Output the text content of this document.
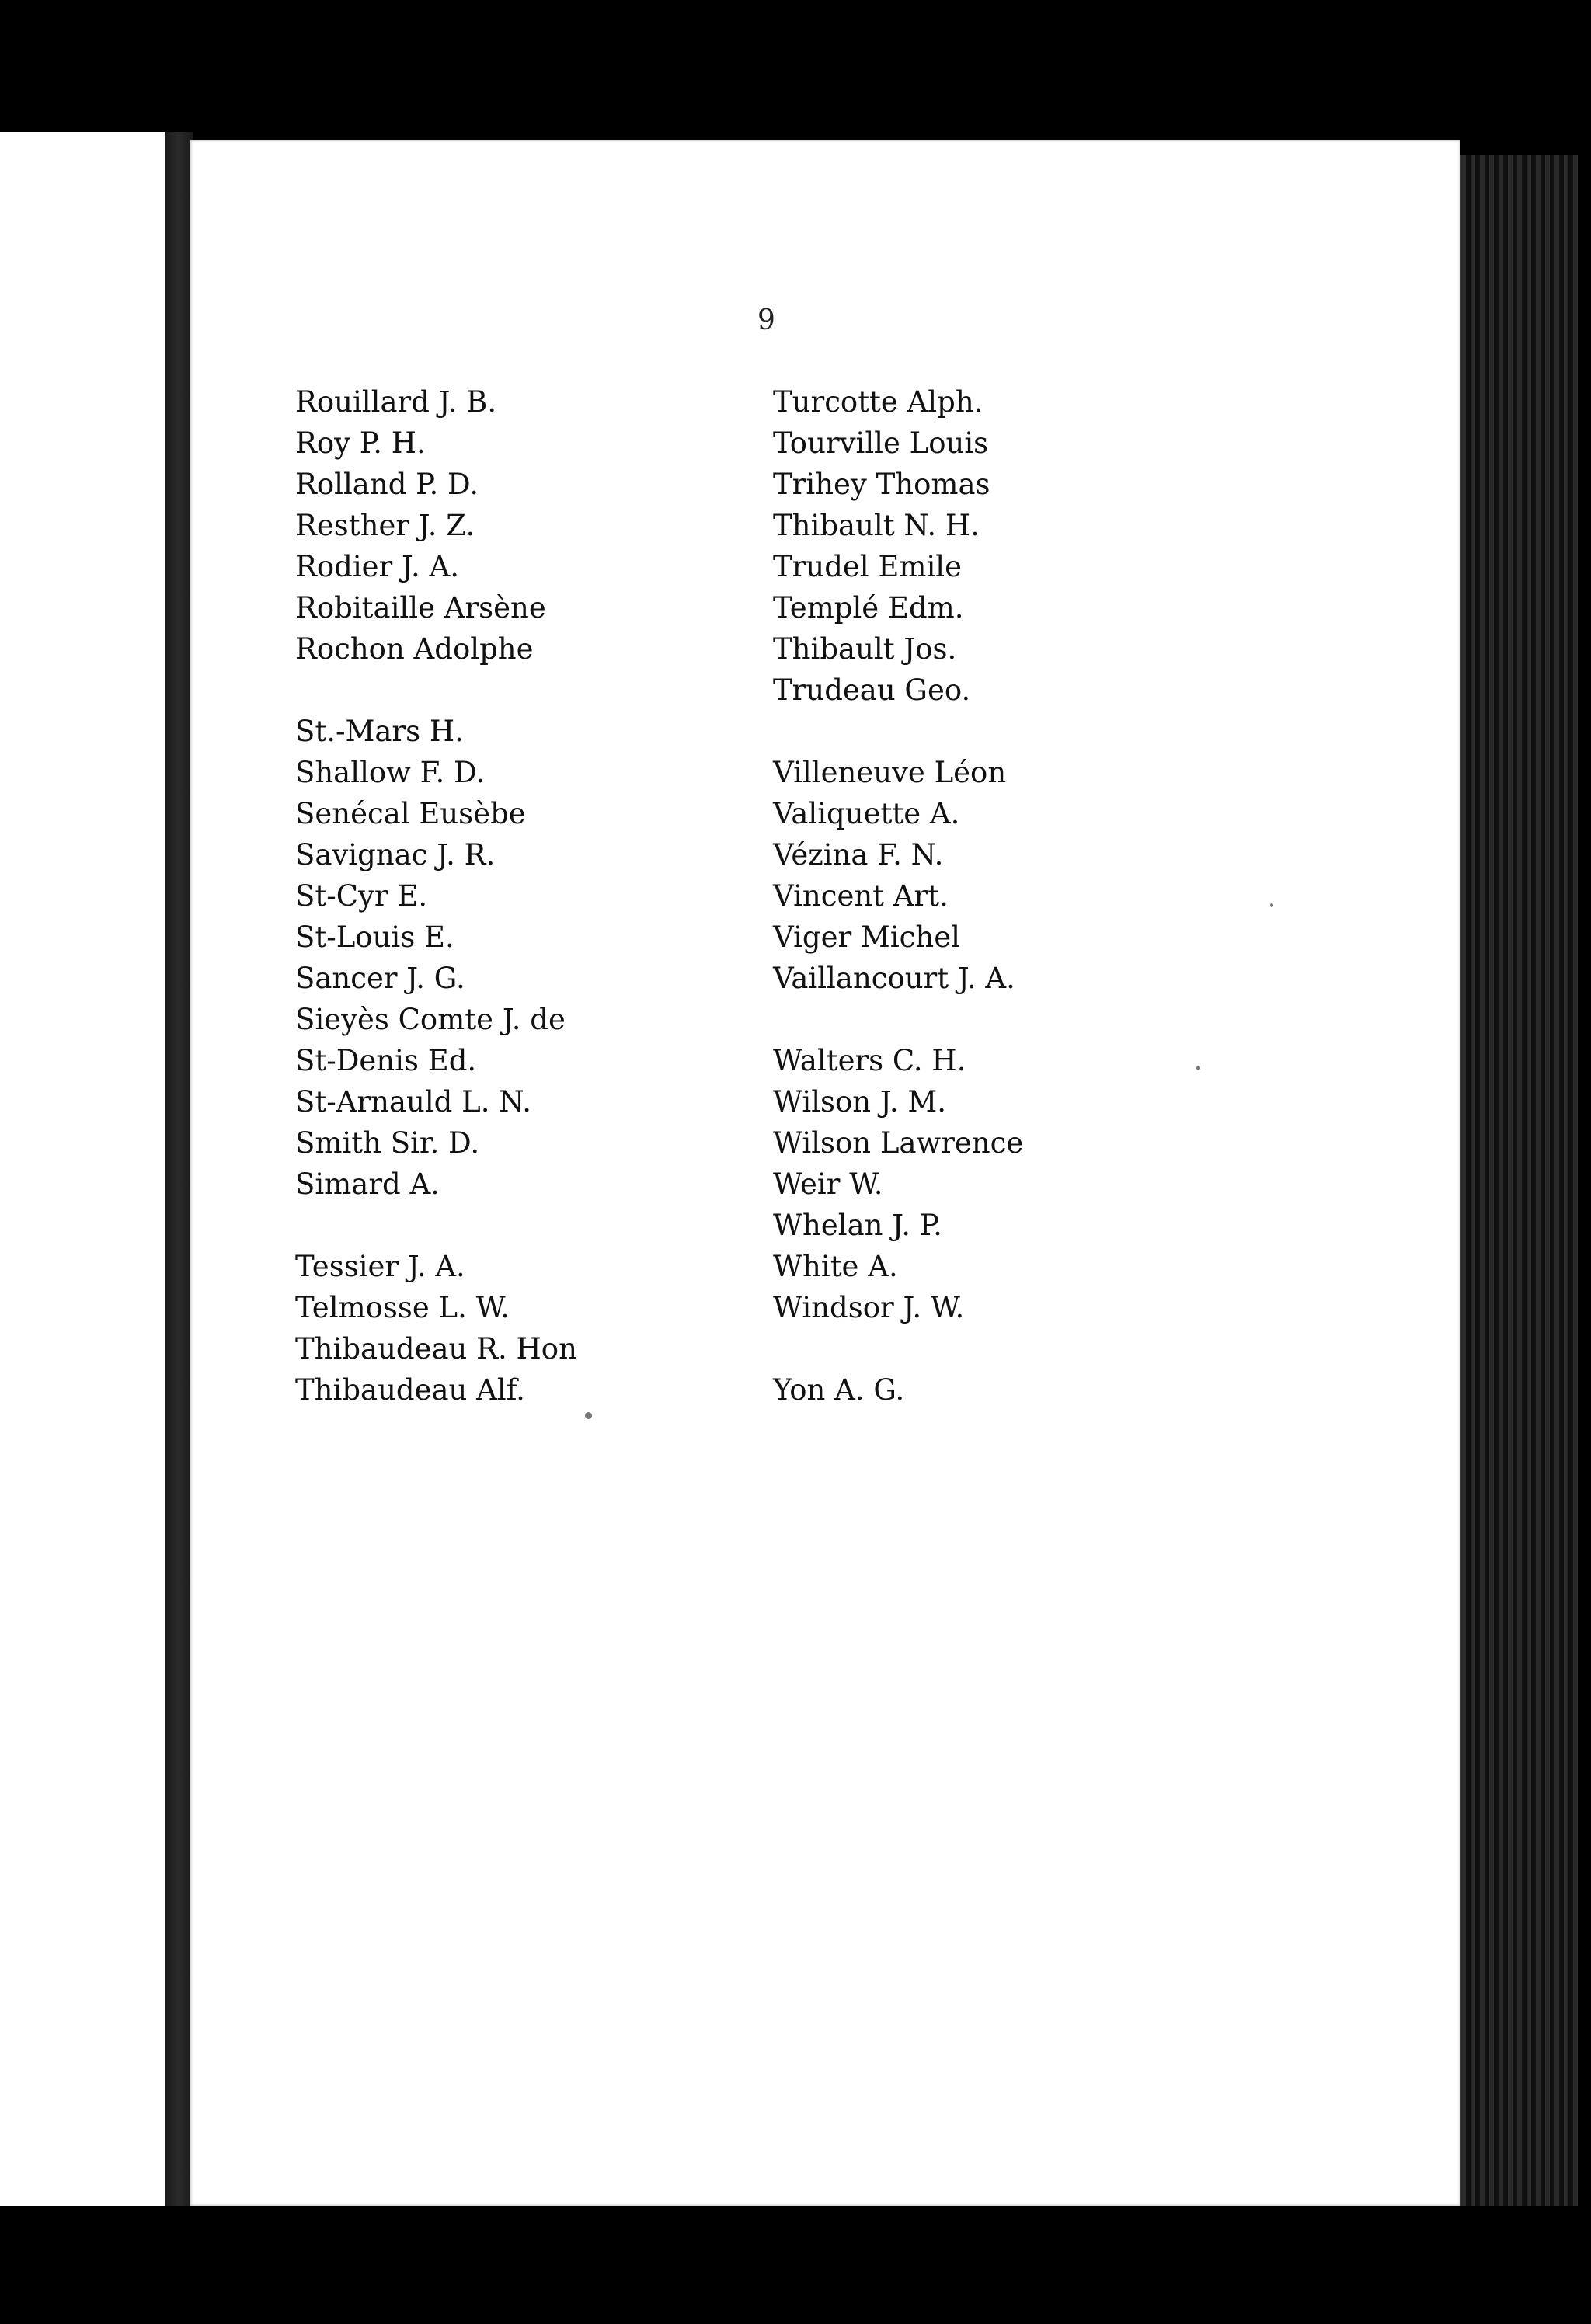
9
Rouillard J. B.
Roy P. H.
Rolland P. D.
Resther J. Z.
Rodier J. A.
Robitaille Arsène
Rochon Adolphe
St.-Mars H.
Shallow F. D.
Senécal Eusèbe
Savignac J. R.
St-Cyr E.
St-Louis E.
Sancer J. G.
Sieyès Comte J. de
St-Denis Ed.
St-Arnauld L. N.
Smith Sir. D.
Simard A.
Tessier J. A.
Telmosse L. W.
Thibaudeau R. Hon
Thibaudeau Alf.
Turcotte Alph.
Tourville Louis
Trihey Thomas
Thibault N. H.
Trudel Emile
Templé Edm.
Thibault Jos.
Trudeau Geo.
Villeneuve Léon
Valiquette A.
Vézina F. N.
Vincent Art.
Viger Michel
Vaillancourt J. A.
Walters C. H.
Wilson J. M.
Wilson Lawrence
Weir W.
Whelan J. P.
White A.
Windsor J. W.
Yon A. G.
